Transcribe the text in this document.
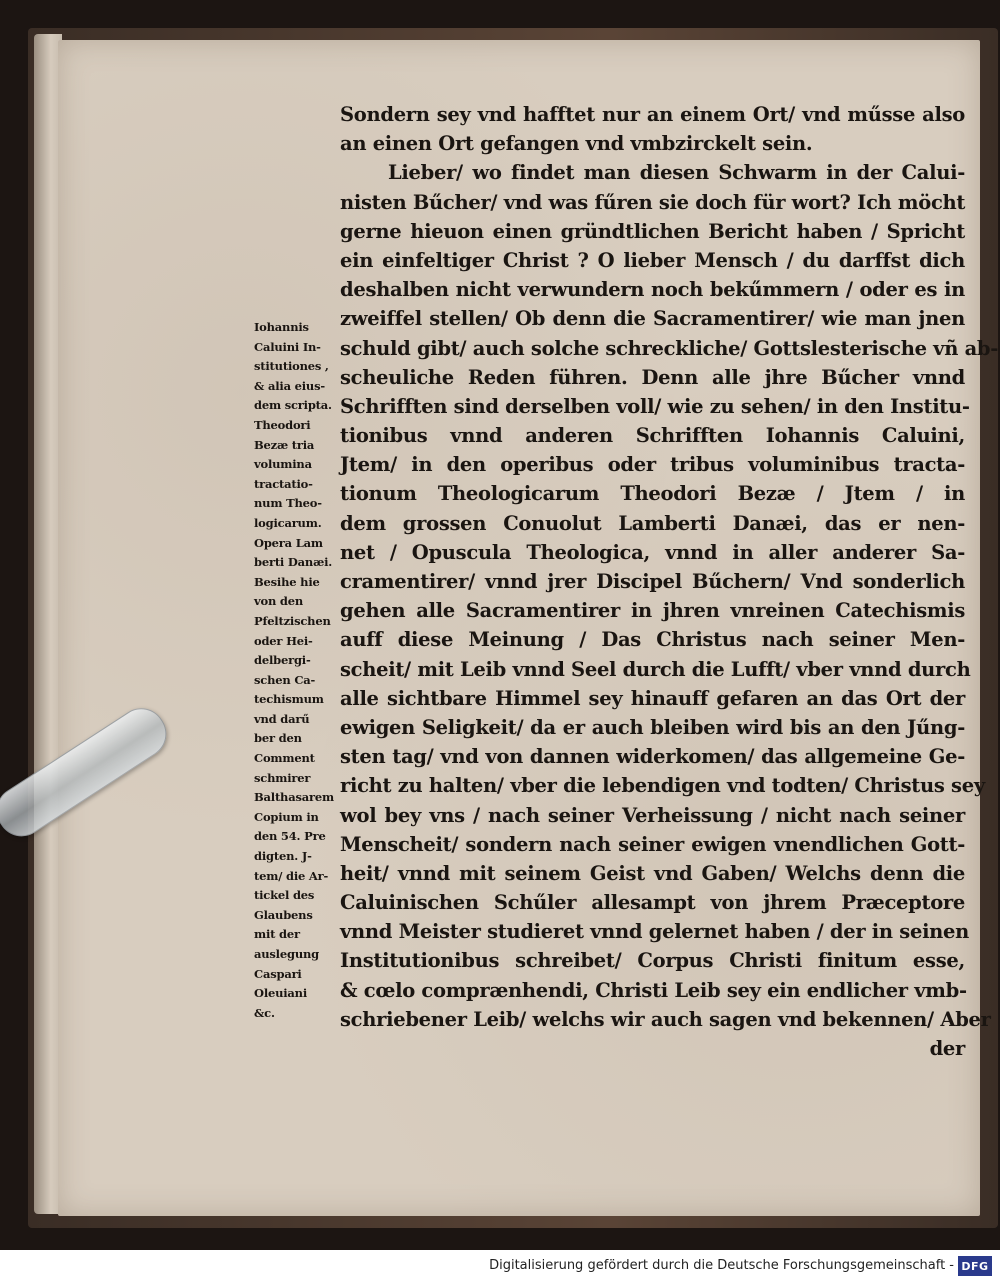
Sondern sey vnd hafftet nur an einem Ort/ vnd műsse also
an einen Ort gefangen vnd vmbzirckelt sein.
Lieber/ wo findet man diesen Schwarm in der Calui-
nisten Bűcher/ vnd was fűren sie doch für wort? Ich möcht
gerne hieuon einen gründtlichen Bericht haben / Spricht
ein einfeltiger Christ ? O lieber Mensch / du darffst dich
deshalben nicht verwundern noch bekűmmern / oder es in
zweiffel stellen/ Ob denn die Sacramentirer/ wie man jnen
schuld gibt/ auch solche schreckliche/ Gottslesterische vñ ab-
scheuliche Reden führen. Denn alle jhre Bűcher vnnd
Schrifften sind derselben voll/ wie zu sehen/ in den Institu-
tionibus vnnd anderen Schrifften Iohannis Caluini,
Jtem/ in den operibus oder tribus voluminibus tracta-
tionum Theologicarum Theodori Bezæ / Jtem / in
dem grossen Conuolut Lamberti Danæi, das er nen-
net / Opuscula Theologica, vnnd in aller anderer Sa-
cramentirer/ vnnd jrer Discipel Bűchern/ Vnd sonderlich
gehen alle Sacramentirer in jhren vnreinen Catechismis
auff diese Meinung / Das Christus nach seiner Men-
scheit/ mit Leib vnnd Seel durch die Lufft/ vber vnnd durch
alle sichtbare Himmel sey hinauff gefaren an das Ort der
ewigen Seligkeit/ da er auch bleiben wird bis an den Jűng-
sten tag/ vnd von dannen widerkomen/ das allgemeine Ge-
richt zu halten/ vber die lebendigen vnd todten/ Christus sey
wol bey vns / nach seiner Verheissung / nicht nach seiner
Menscheit/ sondern nach seiner ewigen vnendlichen Gott-
heit/ vnnd mit seinem Geist vnd Gaben/ Welchs denn die
Caluinischen Schűler allesampt von jhrem Præceptore
vnnd Meister studieret vnnd gelernet haben / der in seinen
Institutionibus schreibet/ Corpus Christi finitum esse,
& cœlo comprænhendi, Christi Leib sey ein endlicher vmb-
schriebener Leib/ welchs wir auch sagen vnd bekennen/ Aber
der
Iohannis
Caluini In-
stitutiones ,
& alia eius-
dem scripta.
Theodori
Bezæ tria
volumina
tractatio-
num Theo-
logicarum.
Opera Lam
berti Danæi.
Besihe hie
von den
Pfeltzischen
oder Hei-
delbergi-
schen Ca-
techismum
vnd darű
ber den
Comment
schmirer
Balthasarem
Copium in
den 54. Pre
digten. J-
tem/ die Ar-
tickel des
Glaubens
mit der
auslegung
Caspari
Oleuiani
&c.
Digitalisierung gefördert durch die Deutsche Forschungsgemeinschaft - DFG
